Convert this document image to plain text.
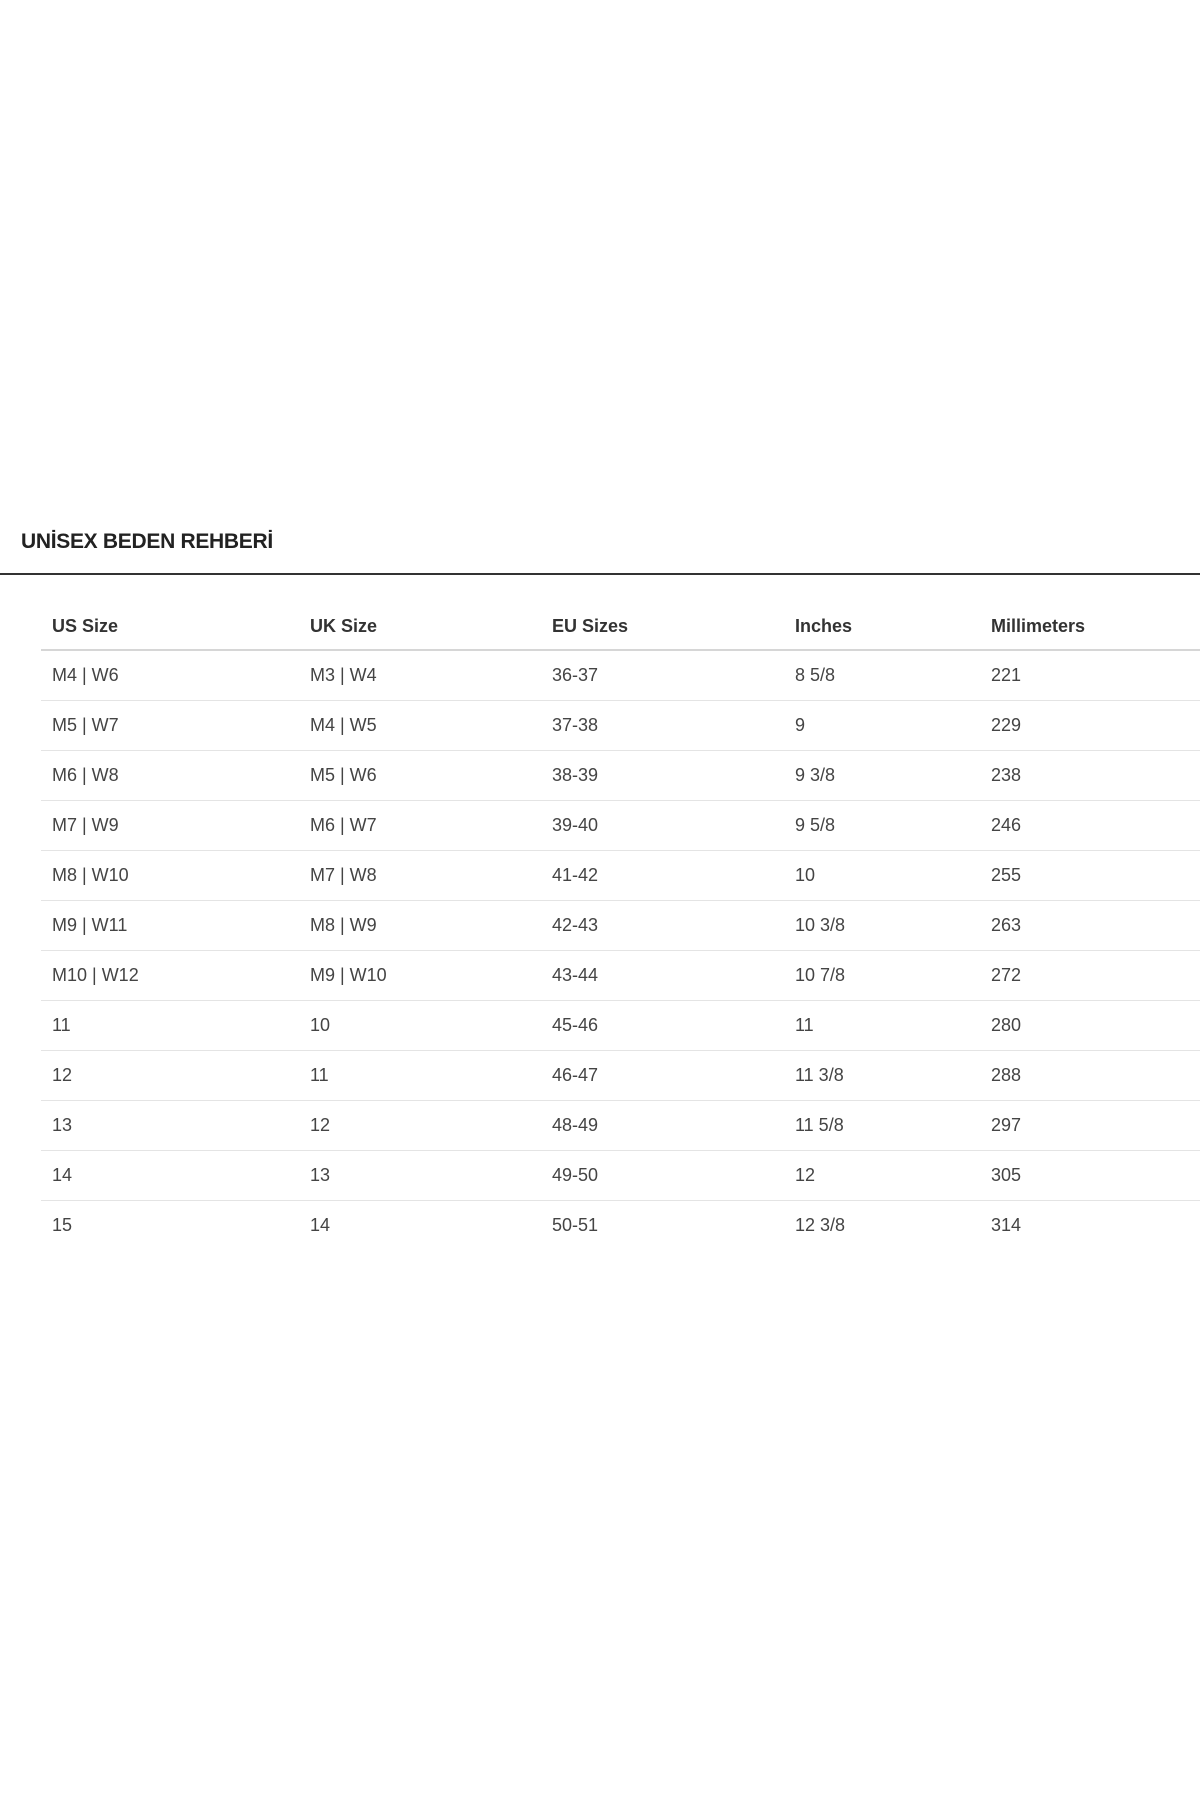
UNİSEX BEDEN REHBERİ
US Size	UK Size	EU Sizes	Inches	Millimeters
M4 | W6	M3 | W4	36-37	8 5/8	221
M5 | W7	M4 | W5	37-38	9	229
M6 | W8	M5 | W6	38-39	9 3/8	238
M7 | W9	M6 | W7	39-40	9 5/8	246
M8 | W10	M7 | W8	41-42	10	255
M9 | W11	M8 | W9	42-43	10 3/8	263
M10 | W12	M9 | W10	43-44	10 7/8	272
11	10	45-46	11	280
12	11	46-47	11 3/8	288
13	12	48-49	11 5/8	297
14	13	49-50	12	305
15	14	50-51	12 3/8	314
